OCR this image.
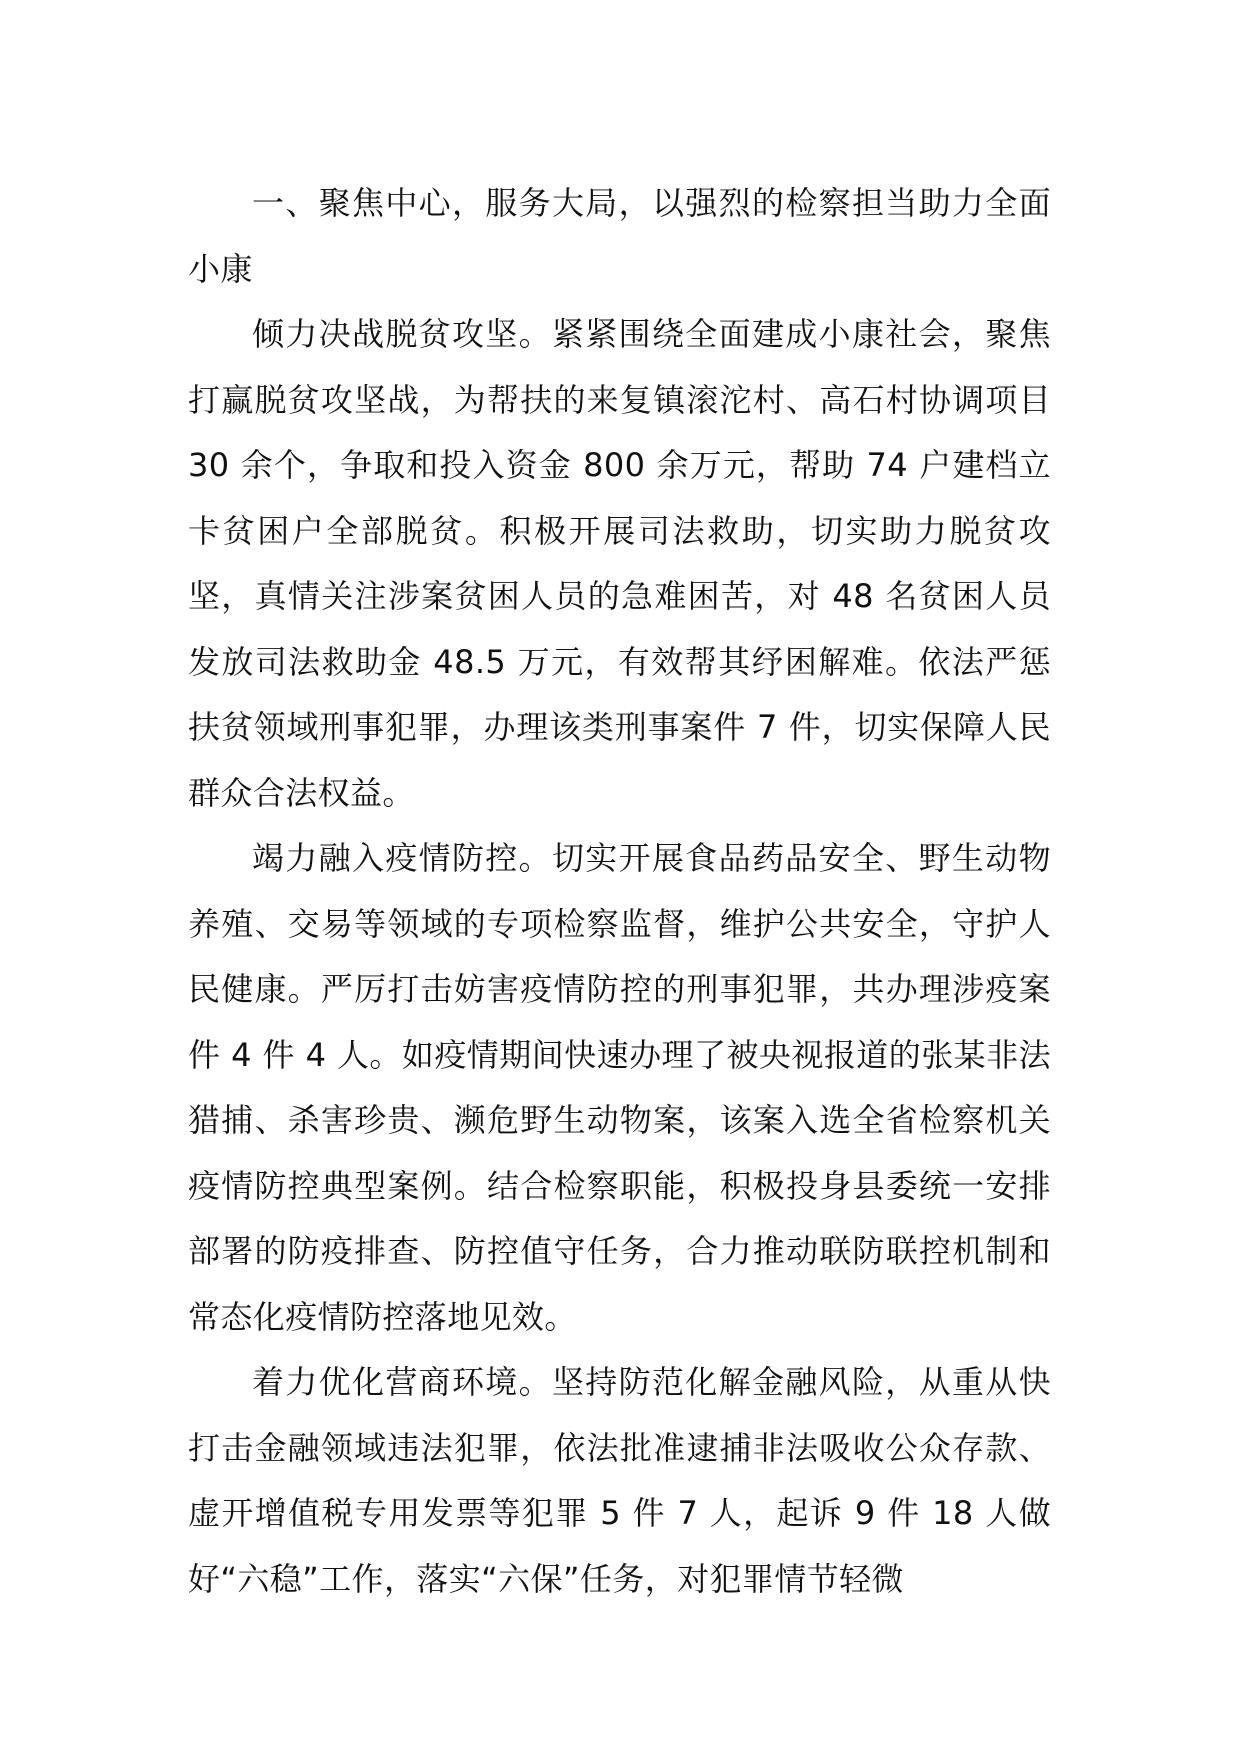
一、聚焦中心，服务大局，以强烈的检察担当助力全面小康

倾力决战脱贫攻坚。紧紧围绕全面建成小康社会，聚焦打赢脱贫攻坚战，为帮扶的来复镇滚沱村、高石村协调项目 30 余个，争取和投入资金 800 余万元，帮助 74 户建档立卡贫困户全部脱贫。积极开展司法救助，切实助力脱贫攻坚，真情关注涉案贫困人员的急难困苦，对 48 名贫困人员发放司法救助金 48.5 万元，有效帮其纾困解难。依法严惩扶贫领域刑事犯罪，办理该类刑事案件 7 件，切实保障人民群众合法权益。

竭力融入疫情防控。切实开展食品药品安全、野生动物养殖、交易等领域的专项检察监督，维护公共安全，守护人民健康。严厉打击妨害疫情防控的刑事犯罪，共办理涉疫案件 4 件 4 人。如疫情期间快速办理了被央视报道的张某非法猎捕、杀害珍贵、濒危野生动物案，该案入选全省检察机关疫情防控典型案例。结合检察职能，积极投身县委统一安排部署的防疫排查、防控值守任务，合力推动联防联控机制和常态化疫情防控落地见效。

着力优化营商环境。坚持防范化解金融风险，从重从快打击金融领域违法犯罪，依法批准逮捕非法吸收公众存款、虚开增值税专用发票等犯罪 5 件 7 人，起诉 9 件 18 人做好“六稳”工作，落实“六保”任务，对犯罪情节轻微
